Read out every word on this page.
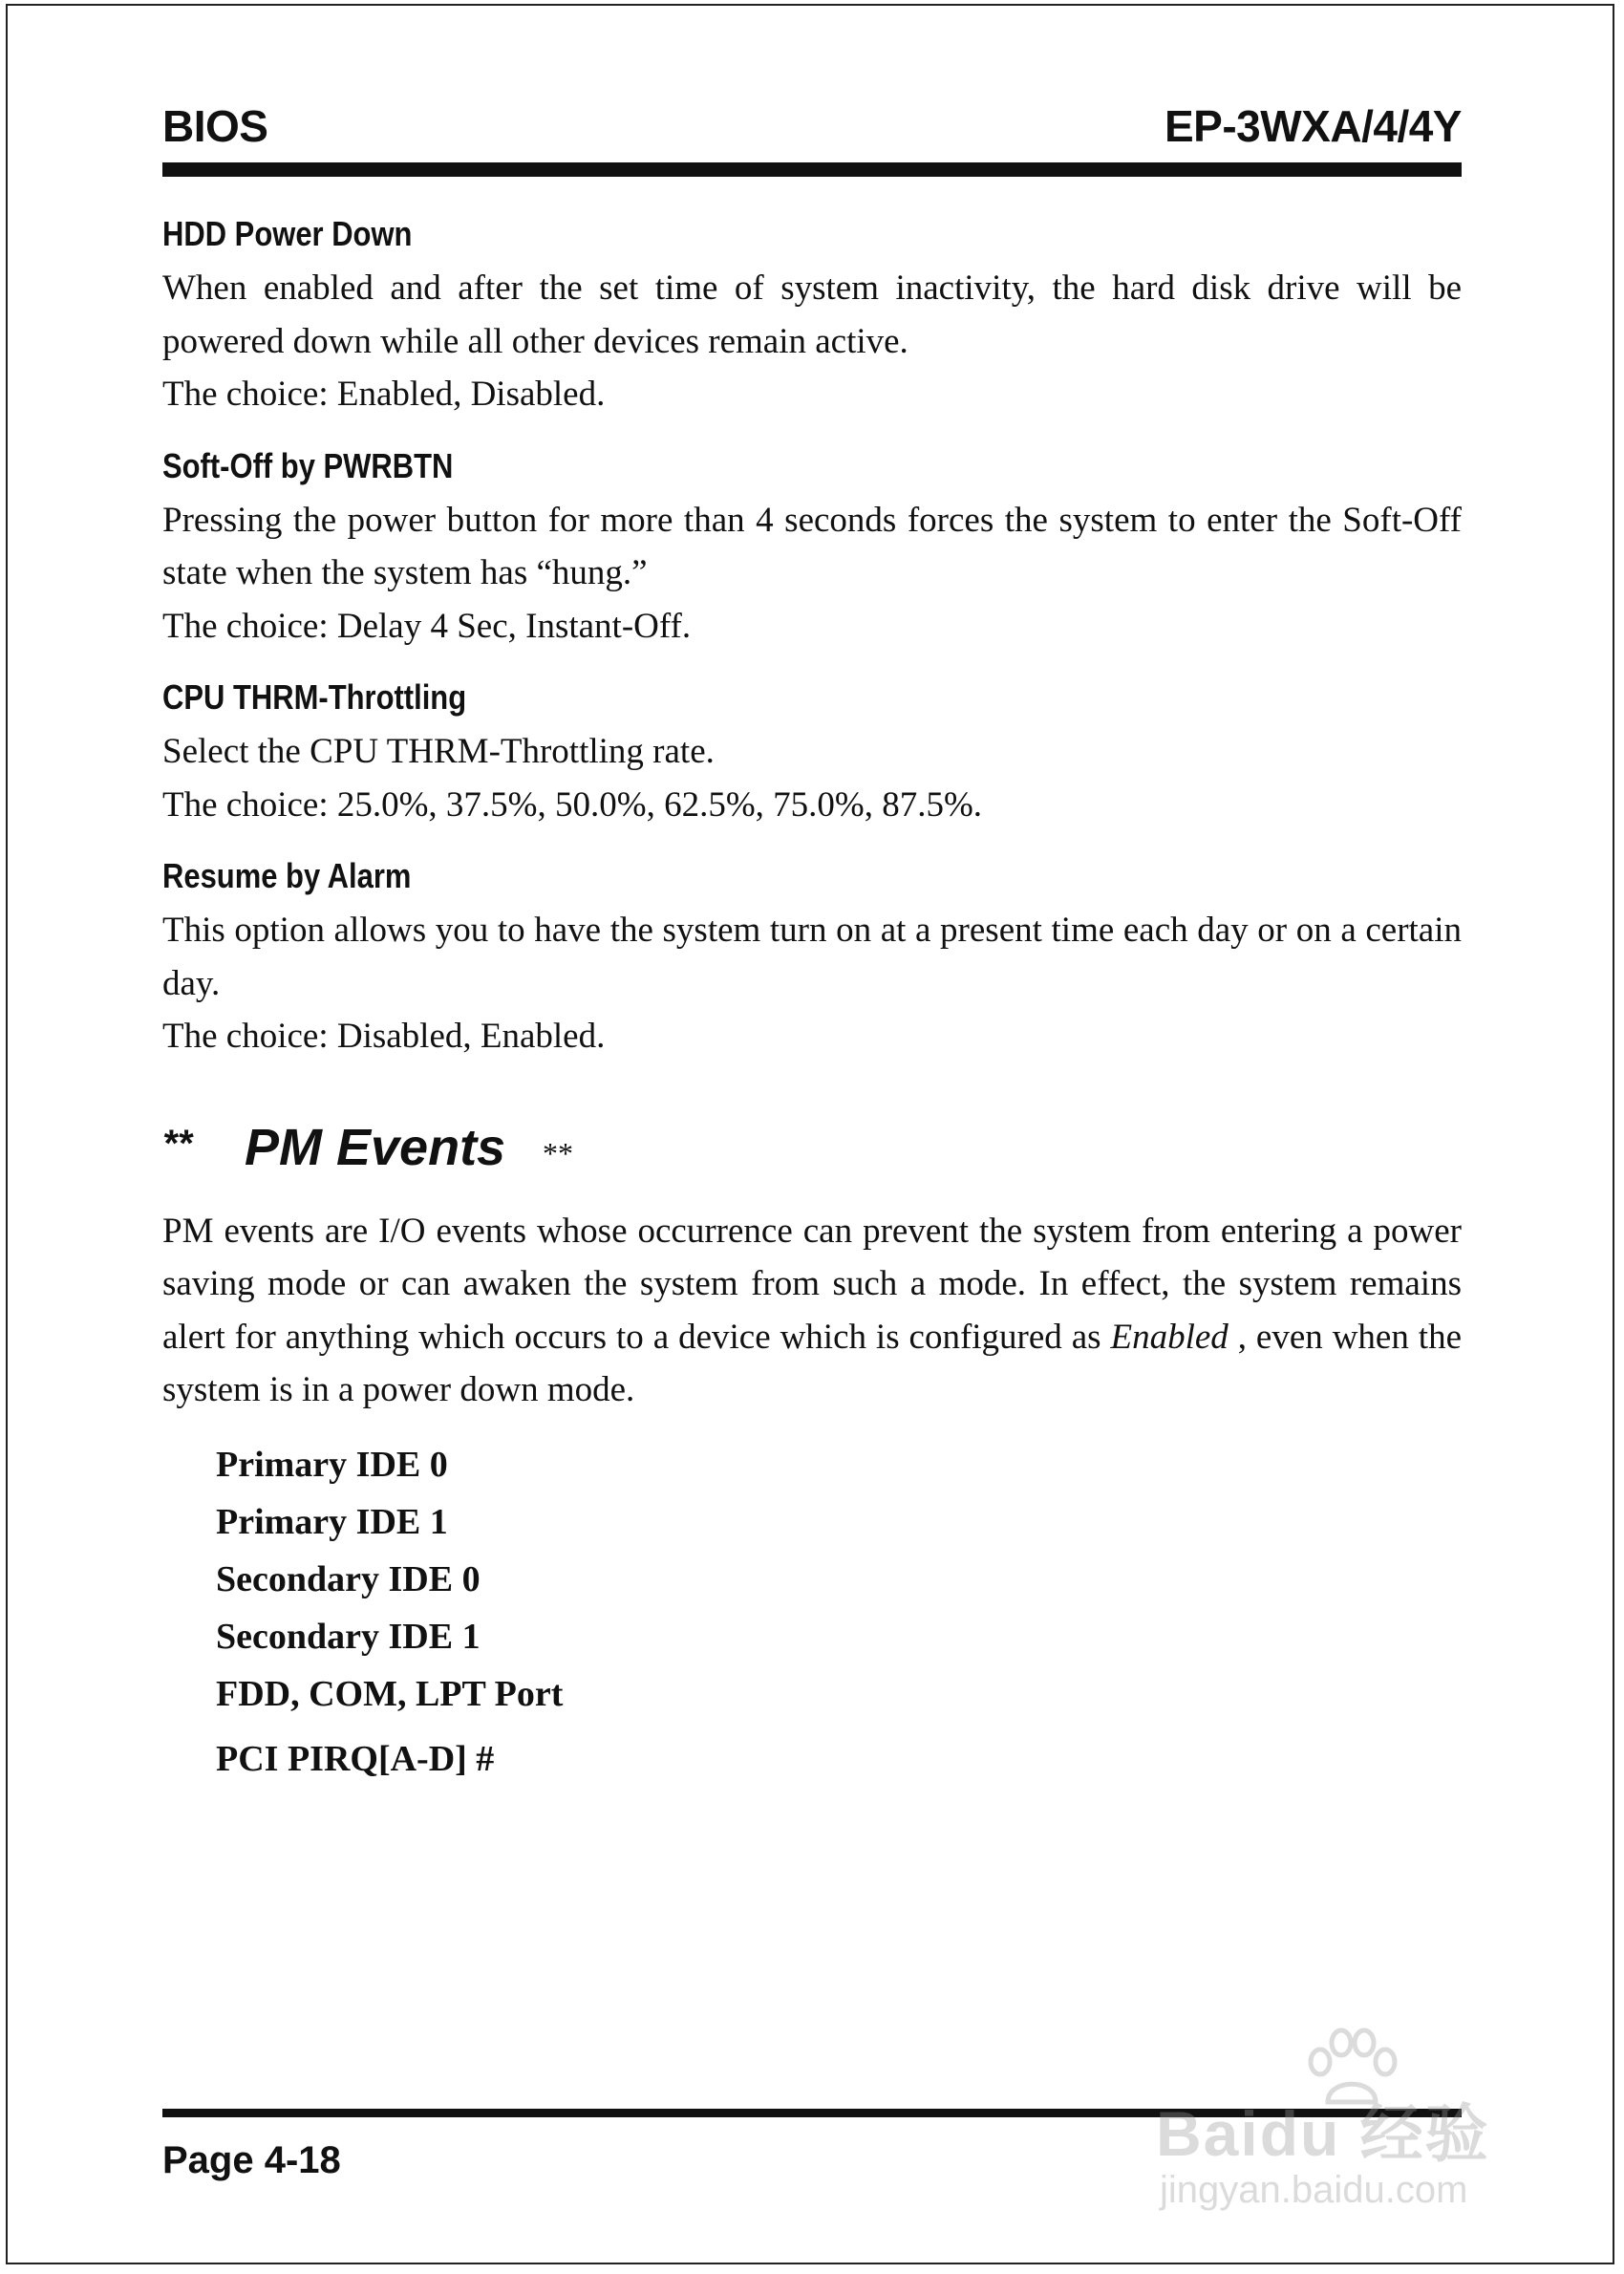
BIOS	EP-3WXA/4/4Y
HDD Power Down
When enabled and after the set time of system inactivity, the hard disk drive will be powered down while all other devices remain active.
The choice: Enabled, Disabled.
Soft-Off by PWRBTN
Pressing the power button for more than 4 seconds forces the system to enter the Soft-Off state when the system has “hung.”
The choice: Delay 4 Sec, Instant-Off.
CPU THRM-Throttling
Select the CPU THRM-Throttling rate.
The choice: 25.0%, 37.5%, 50.0%, 62.5%, 75.0%, 87.5%.
Resume by Alarm
This option allows you to have the system turn on at a present time each day or on a certain day.
The choice: Disabled, Enabled.
** PM Events **
PM events are I/O events whose occurrence can prevent the system from entering a power saving mode or can awaken the system from such a mode. In effect, the system remains alert for anything which occurs to a device which is configured as Enabled , even when the system is in a power down mode.
Primary IDE 0
Primary IDE 1
Secondary IDE 0
Secondary IDE 1
FDD, COM, LPT Port
PCI PIRQ[A-D] #
Page 4-18	Baidu 经验
jingyan.baidu.com
